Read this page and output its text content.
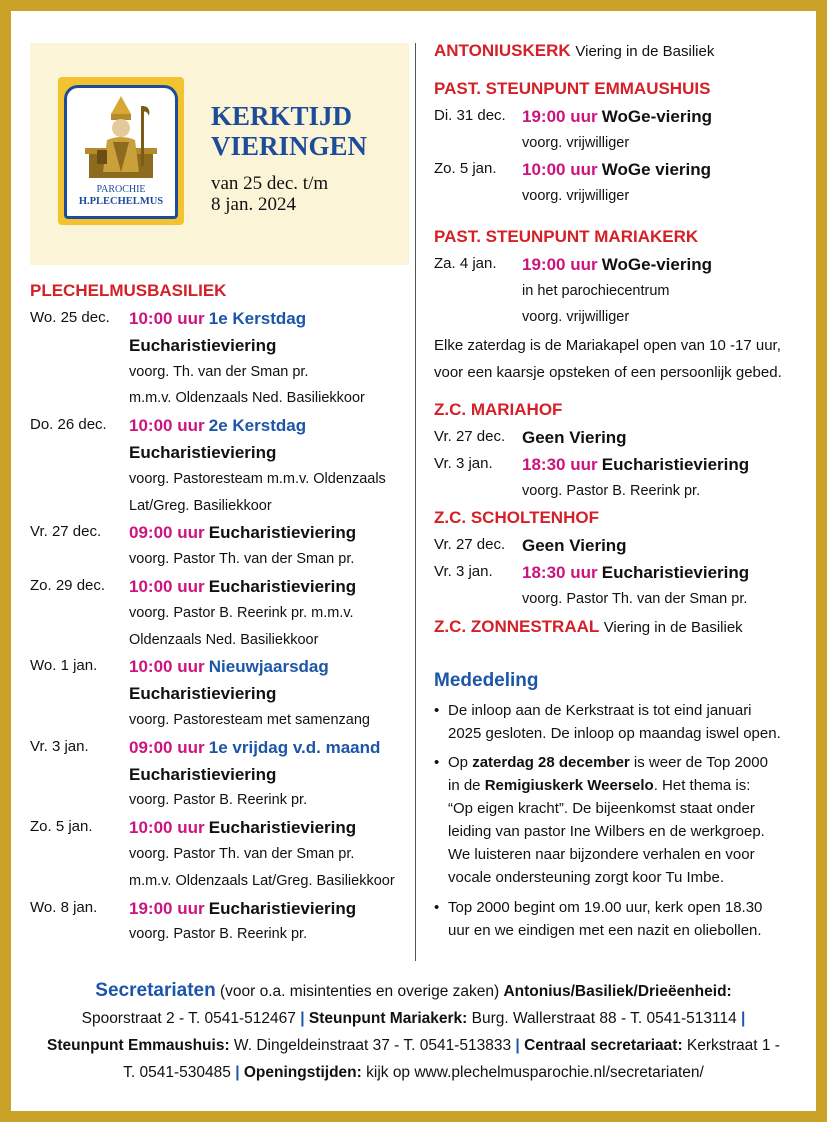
PAROCHIE
H.PLECHELMUS
KERKTIJD
VIERINGEN
van 25 dec. t/m
8 jan. 2024
PLECHELMUSBASILIEK
Wo. 25 dec. 10:00 uur 1e Kerstdag
Eucharistieviering
voorg. Th. van der Sman pr.
m.m.v. Oldenzaals Ned. Basiliekkoor
Do. 26 dec. 10:00 uur 2e Kerstdag
Eucharistieviering
voorg. Pastoresteam m.m.v. Oldenzaals
Lat/Greg. Basiliekkoor
Vr. 27 dec. 09:00 uur Eucharistieviering
voorg. Pastor Th. van der Sman pr.
Zo. 29 dec. 10:00 uur Eucharistieviering
voorg. Pastor B. Reerink pr. m.m.v.
Oldenzaals Ned. Basiliekkoor
Wo. 1 jan. 10:00 uur Nieuwjaarsdag
Eucharistieviering
voorg. Pastoresteam met samenzang
Vr. 3 jan. 09:00 uur 1e vrijdag v.d. maand
Eucharistieviering
voorg. Pastor B. Reerink pr.
Zo. 5 jan. 10:00 uur Eucharistieviering
voorg. Pastor Th. van der Sman pr.
m.m.v. Oldenzaals Lat/Greg. Basiliekkoor
Wo. 8 jan. 19:00 uur Eucharistieviering
voorg. Pastor B. Reerink pr.
ANTONIUSKERK Viering in de Basiliek
PAST. STEUNPUNT EMMAUSHUIS
Di. 31 dec. 19:00 uur WoGe-viering
voorg. vrijwilliger
Zo. 5 jan. 10:00 uur WoGe viering
voorg. vrijwilliger
PAST. STEUNPUNT MARIAKERK
Za. 4 jan. 19:00 uur WoGe-viering
in het parochiecentrum
voorg. vrijwilliger
Elke zaterdag is de Mariakapel open van 10 -17 uur,
voor een kaarsje opsteken of een persoonlijk gebed.
Z.C. MARIAHOF
Vr. 27 dec. Geen Viering
Vr. 3 jan. 18:30 uur Eucharistieviering
voorg. Pastor B. Reerink pr.
Z.C. SCHOLTENHOF
Vr. 27 dec. Geen Viering
Vr. 3 jan. 18:30 uur Eucharistieviering
voorg. Pastor Th. van der Sman pr.
Z.C. ZONNESTRAAL Viering in de Basiliek
Mededeling
• De inloop aan de Kerkstraat is tot eind januari
2025 gesloten. De inloop op maandag iswel open.
• Op zaterdag 28 december is weer de Top 2000
in de Remigiuskerk Weerselo. Het thema is:
“Op eigen kracht”. De bijeenkomst staat onder
leiding van pastor Ine Wilbers en de werkgroep.
We luisteren naar bijzondere verhalen en voor
vocale ondersteuning zorgt koor Tu Imbe.
• Top 2000 begint om 19.00 uur, kerk open 18.30
uur en we eindigen met een nazit en oliebollen.
Secretariaten (voor o.a. misintenties en overige zaken) Antonius/Basiliek/Drieëenheid:
Spoorstraat 2 - T. 0541-512467 | Steunpunt Mariakerk: Burg. Wallerstraat 88 - T. 0541-513114 |
Steunpunt Emmaushuis: W. Dingeldeinstraat 37 - T. 0541-513833 | Centraal secretariaat: Kerkstraat 1 -
T. 0541-530485 | Openingstijden: kijk op www.plechelmusparochie.nl/secretariaten/
